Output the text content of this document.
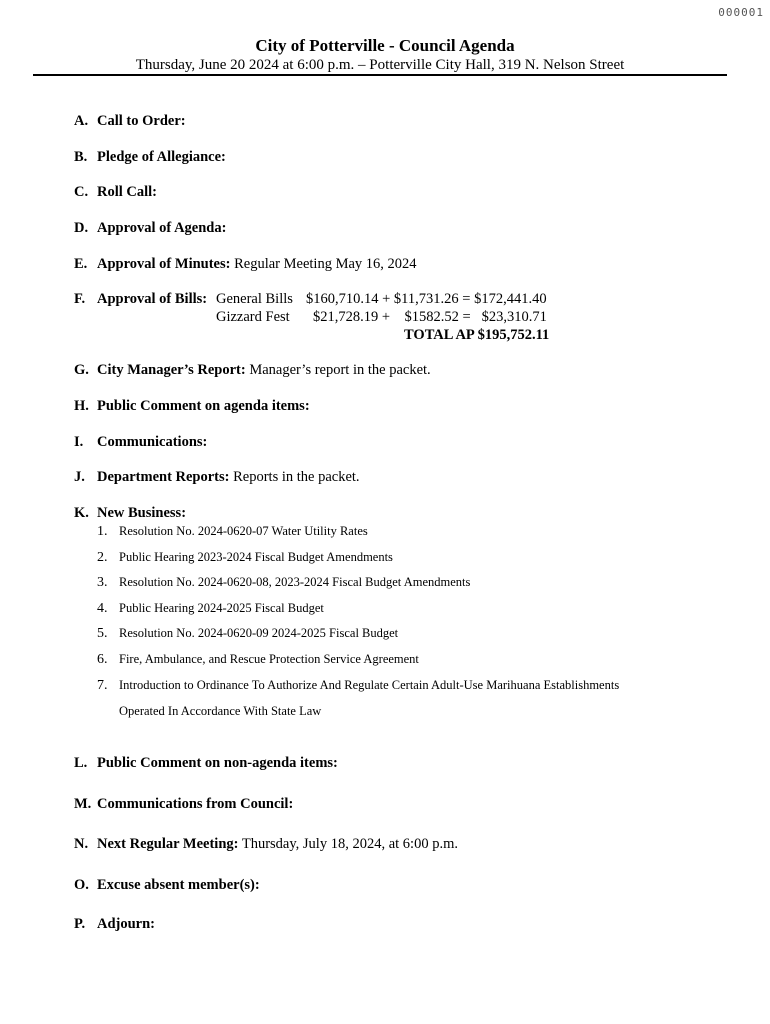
000001
City of Potterville - Council Agenda
Thursday, June 20 2024 at 6:00 p.m. – Potterville City Hall, 319 N. Nelson Street
A. Call to Order:
B. Pledge of Allegiance:
C. Roll Call:
D. Approval of Agenda:
E. Approval of Minutes: Regular Meeting May 16, 2024
F. Approval of Bills: General Bills $160,710.14 + $11,731.26 = $172,441.40
Gizzard Fest $21,728.19 +    $1582.52 =   $23,310.71
TOTAL AP $195,752.11
G. City Manager’s Report: Manager’s report in the packet.
H. Public Comment on agenda items:
I. Communications:
J. Department Reports: Reports in the packet.
K. New Business:
1. Resolution No. 2024-0620-07 Water Utility Rates
2. Public Hearing 2023-2024 Fiscal Budget Amendments
3. Resolution No. 2024-0620-08, 2023-2024 Fiscal Budget Amendments
4. Public Hearing 2024-2025 Fiscal Budget
5. Resolution No. 2024-0620-09 2024-2025 Fiscal Budget
6. Fire, Ambulance, and Rescue Protection Service Agreement
7. Introduction to Ordinance To Authorize And Regulate Certain Adult-Use Marihuana Establishments
Operated In Accordance With State Law
L. Public Comment on non-agenda items:
M. Communications from Council:
N. Next Regular Meeting: Thursday, July 18, 2024, at 6:00 p.m.
O. Excuse absent member(s):
P. Adjourn:
